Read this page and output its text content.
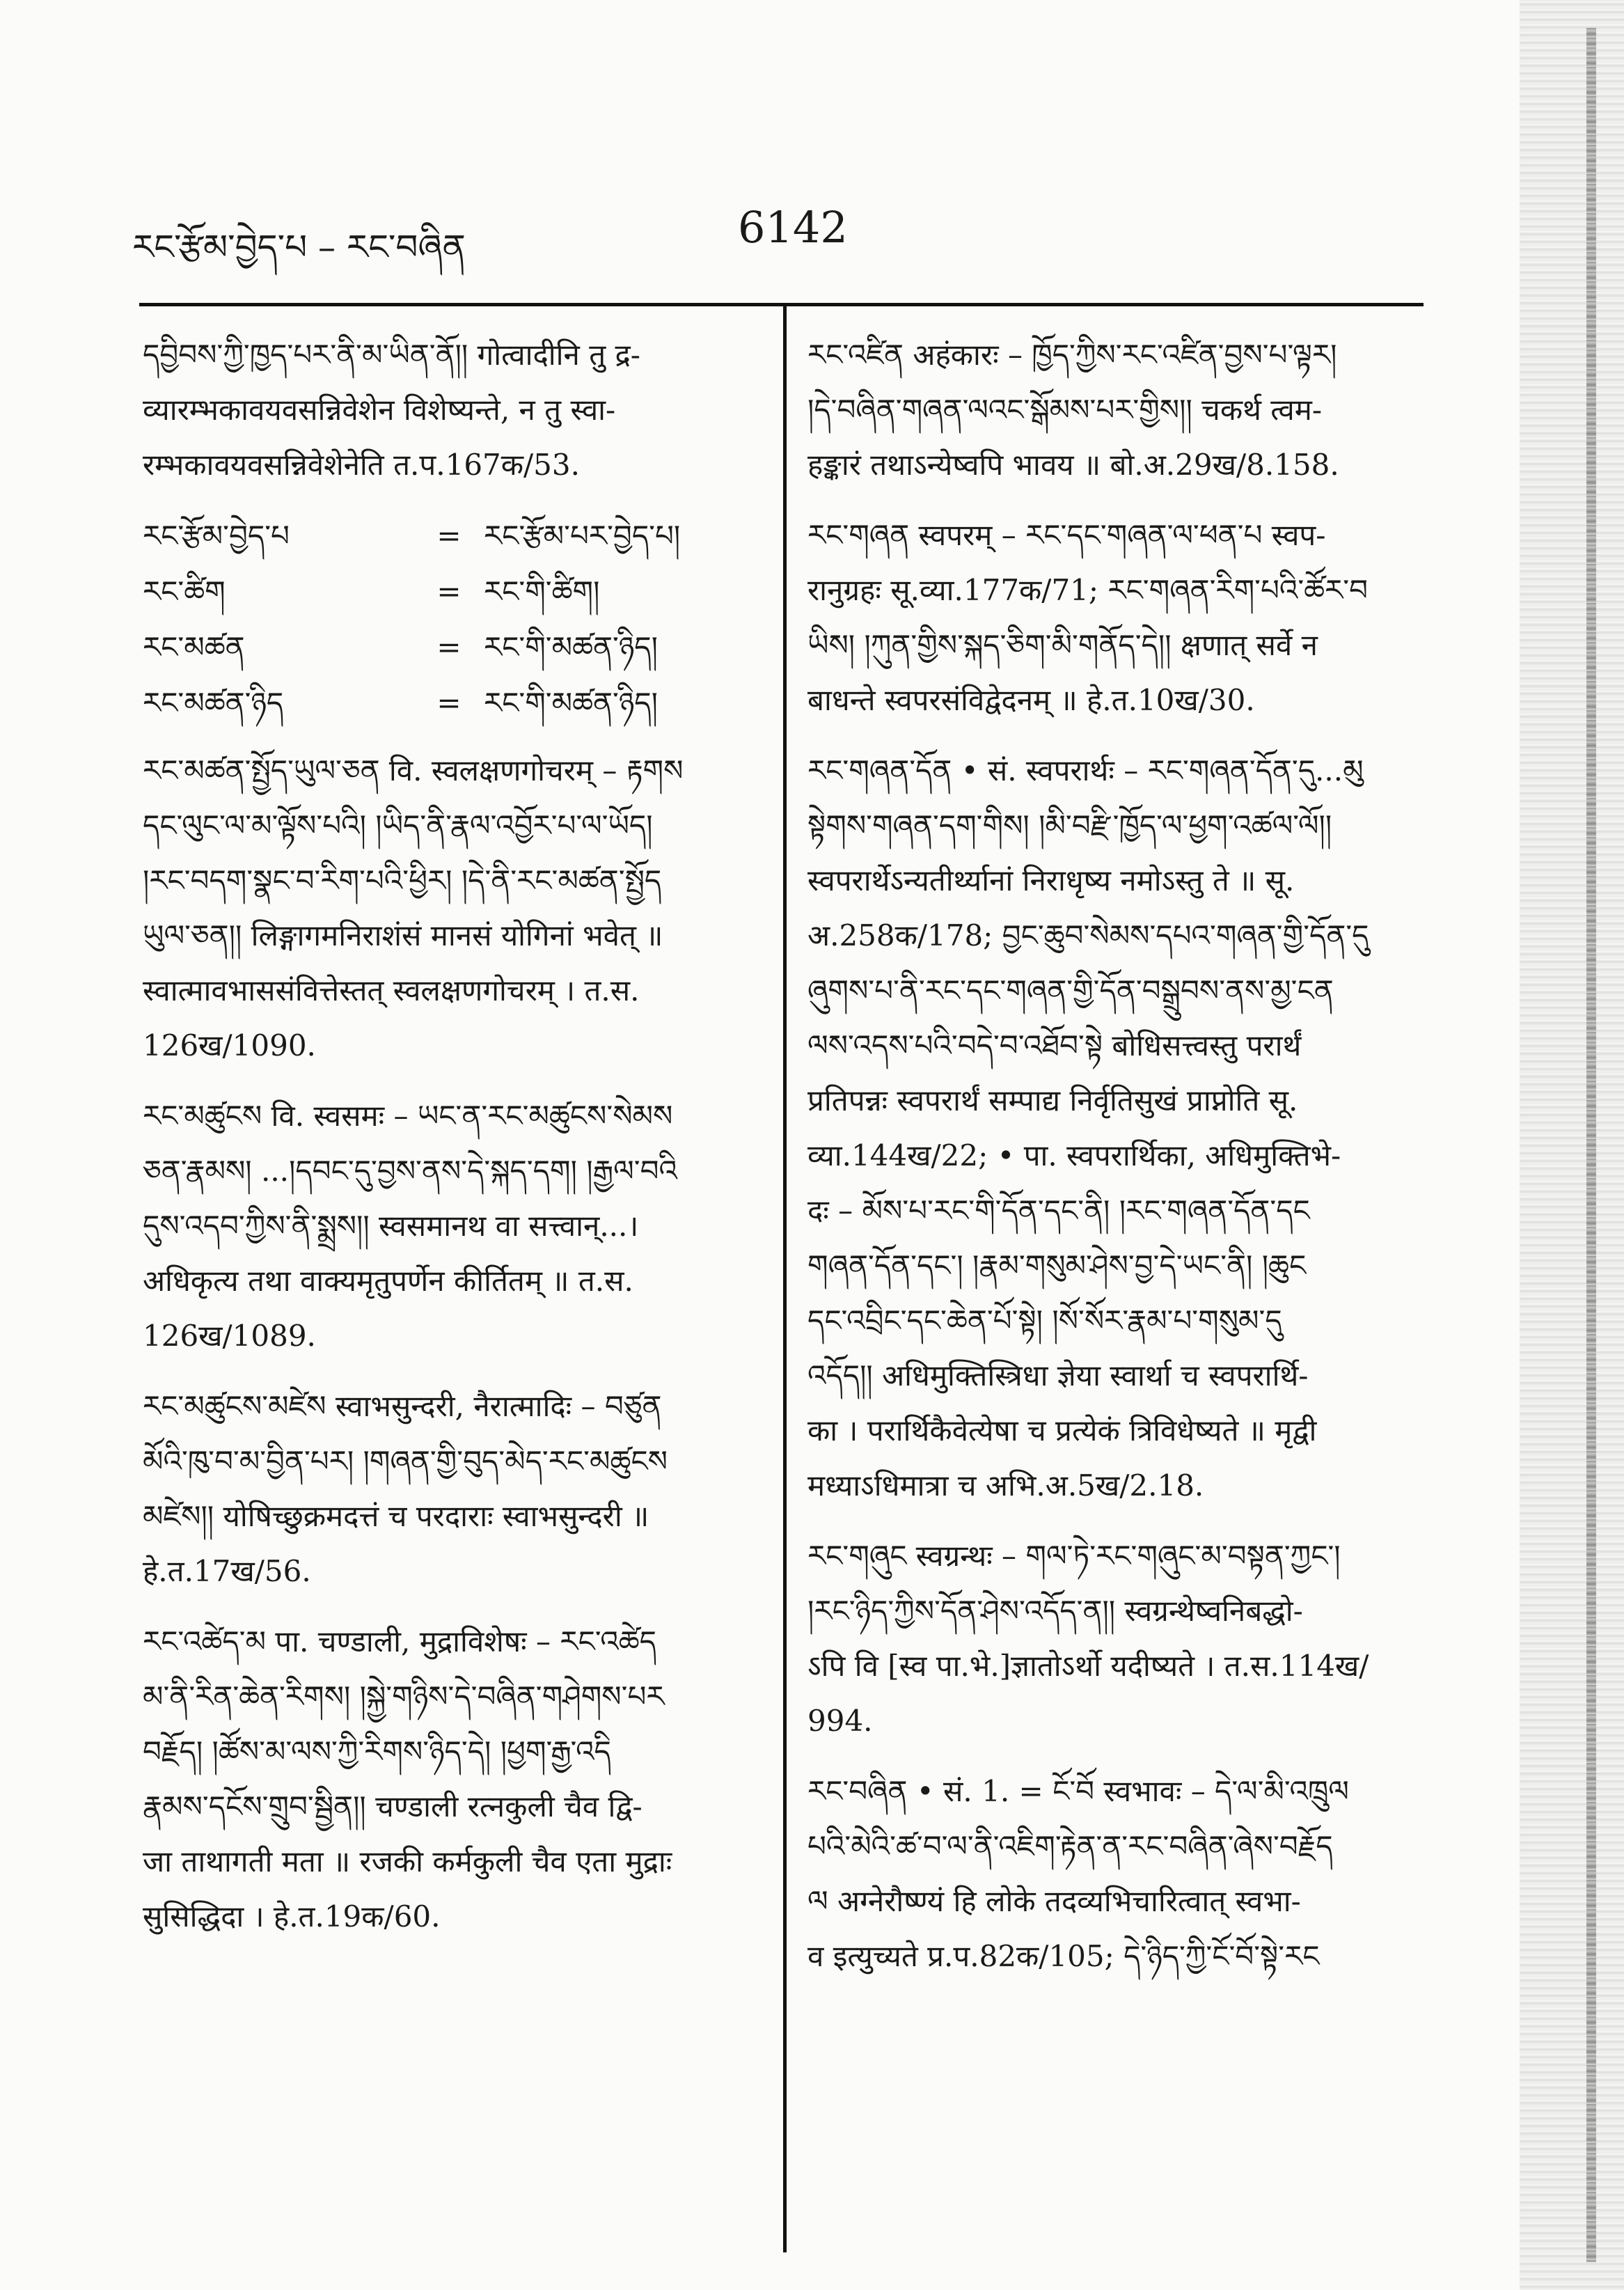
རང་རྩོམ་བྱེད་པ – རང་བཞིན	6142
དབྱིབས་ཀྱི་ཁྱད་པར་ནི་མ་ཡིན་ནོ།། गोत्वादीनि तु द्र-
व्यारम्भकावयवसन्निवेशेन विशेष्यन्ते, न तु स्वा-
रम्भकावयवसन्निवेशेनेति त.प.167क/53.
རང་རྩོམ་བྱེད་པ	= རང་རྩོམ་པར་བྱེད་པ།
རང་ཚིག	= རང་གི་ཚིག།
རང་མཚན	= རང་གི་མཚན་ཉིད།
རང་མཚན་ཉིད	= རང་གི་མཚན་ཉིད།
རང་མཚན་སྤྱོད་ཡུལ་ཅན वि. स्वलक्षणगोचरम् – རྟགས
དང་ལུང་ལ་མ་ལྟོས་པའི། །ཡིད་ནི་རྣལ་འབྱོར་པ་ལ་ཡོད།
།རང་བདག་སྣང་བ་རིག་པའི་ཕྱིར། །དེ་ནི་རང་མཚན་སྤྱོད
ཡུལ་ཅན།། लिङ्गागमनिराशंसं मानसं योगिनां भवेत् ॥
स्वात्मावभाससंवित्तेस्तत् स्वलक्षणगोचरम् । त.स.
126ख/1090.
རང་མཚུངས वि. स्वसमः – ཡང་ན་རང་མཚུངས་སེམས
ཅན་རྣམས། ...།དབང་དུ་བྱས་ནས་དེ་སྐད་དག། །རྒྱལ་བའི
དུས་འདབ་ཀྱིས་ནི་སྨྲས།། स्वसमानथ वा सत्त्वान्...।
अधिकृत्य तथा वाक्यमृतुपर्णेन कीर्तितम् ॥ त.स.
126ख/1089.
རང་མཚུངས་མཛེས स्वाभसुन्दरी, नैरात्मादिः – བཙུན
མོའི་ཁུ་བ་མ་བྱིན་པར། །གཞན་གྱི་བུད་མེད་རང་མཚུངས
མཛེས།། योषिच्छुक्रमदत्तं च परदाराः स्वाभसुन्दरी ॥
हे.त.17ख/56.
རང་འཚེད་མ पा. चण्डाली, मुद्राविशेषः – རང་འཚེད
མ་ནི་རིན་ཆེན་རིགས། །སྐྱེ་གཉིས་དེ་བཞིན་གཤེགས་པར
བརྗོད། །ཚོས་མ་ལས་ཀྱི་རིགས་ཉིད་དེ། །ཕྱག་རྒྱ་འདི
རྣམས་དངོས་གྲུབ་སྦྱིན།། चण्डाली रत्नकुली चैव द्वि-
जा ताथागती मता ॥ रजकी कर्मकुली चैव एता मुद्राः
सुसिद्धिदा । हे.त.19क/60.
རང་འཛིན अहंकारः – ཁྱོད་ཀྱིས་རང་འཛིན་བྱས་པ་ལྟར།
།དེ་བཞིན་གཞན་ལའང་སྒོམས་པར་གྱིས།། चकर्थ त्वम-
हङ्कारं तथाऽन्येष्वपि भावय ॥ बो.अ.29ख/8.158.
རང་གཞན स्वपरम् – རང་དང་གཞན་ལ་ཕན་པ स्वप-
रानुग्रहः सू.व्या.177क/71; རང་གཞན་རིག་པའི་ཚོར་བ
ཡིས། །ཀུན་གྱིས་སྐད་ཅིག་མི་གནོད་དེ།། क्षणात् सर्वे न
बाधन्ते स्वपरसंविद्वेदनम् ॥ हे.त.10ख/30.
རང་གཞན་དོན • सं. स्वपरार्थः – རང་གཞན་དོན་དུ...མུ
སྟེགས་གཞན་དག་གིས། །མི་བརྫི་ཁྱོད་ལ་ཕྱག་འཚལ་ལོ།།
स्वपरार्थेऽन्यतीर्थ्यानां निराधृष्य नमोऽस्तु ते ॥ सू.
अ.258क/178; བྱང་ཆུབ་སེམས་དཔའ་གཞན་གྱི་དོན་དུ
ཞུགས་པ་ནི་རང་དང་གཞན་གྱི་དོན་བསྒྲུབས་ནས་མྱ་ངན
ལས་འདས་པའི་བདེ་བ་འཐོབ་སྟེ बोधिसत्त्वस्तु परार्थं
प्रतिपन्नः स्वपरार्थं सम्पाद्य निर्वृतिसुखं प्राप्नोति सू.
व्या.144ख/22; • पा. स्वपरार्थिका, अधिमुक्तिभे-
दः – མོས་པ་རང་གི་དོན་དང་ནི། །རང་གཞན་དོན་དང
གཞན་དོན་དང་། །རྣམ་གསུམ་ཤེས་བྱ་དེ་ཡང་ནི། །ཆུང
དང་འབྲིང་དང་ཆེན་པོ་སྟེ། །སོ་སོར་རྣམ་པ་གསུམ་དུ
འདོད།། अधिमुक्तिस्त्रिधा ज्ञेया स्वार्था च स्वपरार्थि-
का । परार्थिकैवेत्येषा च प्रत्येकं त्रिविधेष्यते ॥ मृद्वी
मध्याऽधिमात्रा च अभि.अ.5ख/2.18.
རང་གཞུང स्वग्रन्थः – གལ་ཏེ་རང་གཞུང་མ་བསྟན་ཀྱང་།
།རང་ཉིད་ཀྱིས་དོན་ཤེས་འདོད་ན།། स्वग्रन्थेष्वनिबद्धो-
ऽपि वि [स्व पा.भे.]ज्ञातोऽर्थो यदीष्यते । त.स.114ख/
994.
རང་བཞིན • सं. 1. = ངོ་བོ स्वभावः – དེ་ལ་མི་འཁྲུལ
པའི་མེའི་ཚ་བ་ལ་ནི་འཇིག་རྟེན་ན་རང་བཞིན་ཞེས་བརྗོད
ལ अग्नेरौष्ण्यं हि लोके तदव्यभिचारित्वात् स्वभा-
व इत्युच्यते प्र.प.82क/105; དེ་ཉིད་ཀྱི་ངོ་བོ་སྟེ་རང
